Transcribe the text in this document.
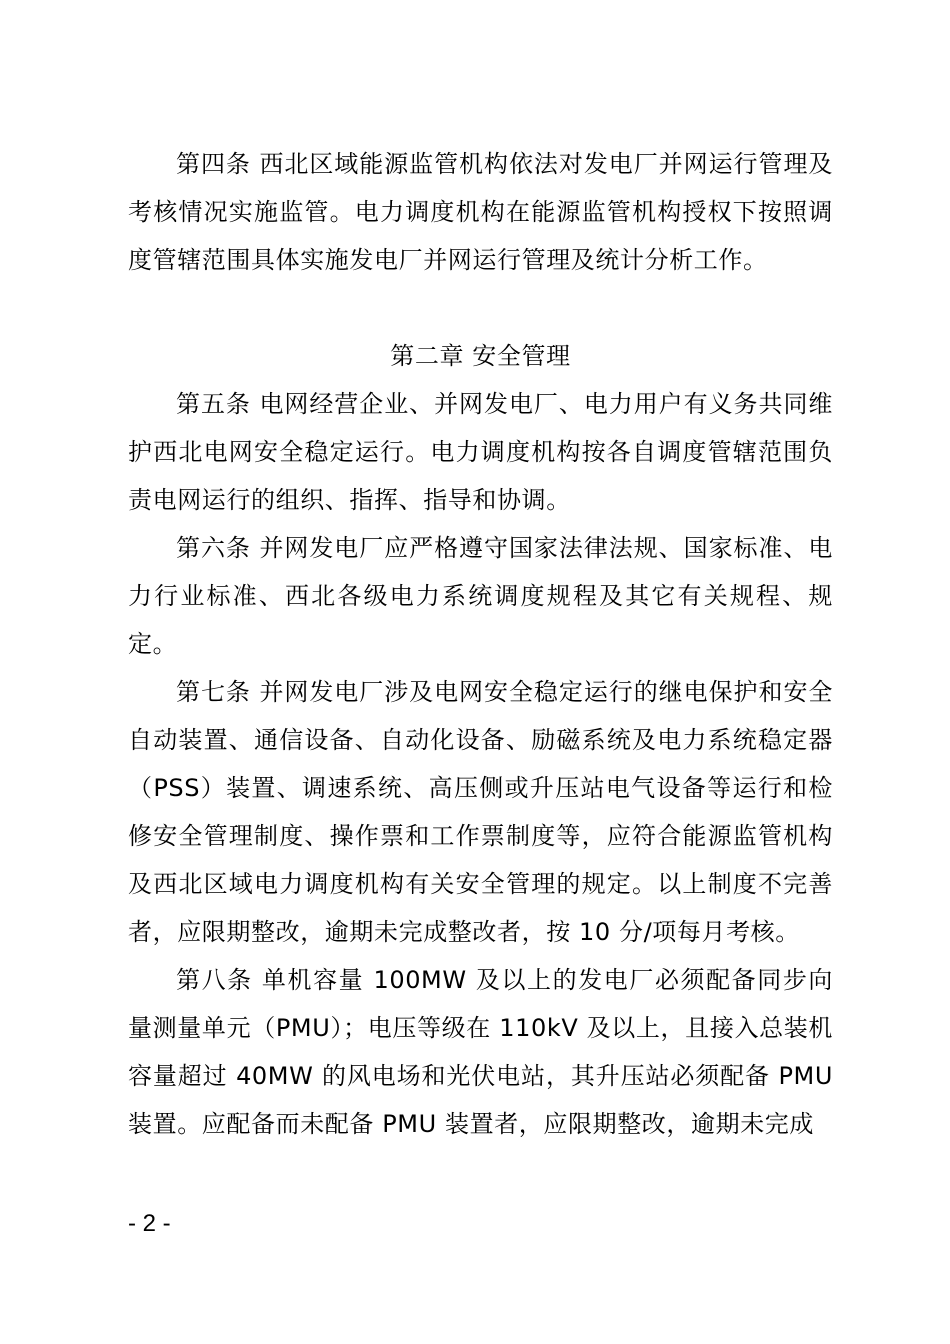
第四条 西北区域能源监管机构依法对发电厂并网运行管理及考核情况实施监管。电力调度机构在能源监管机构授权下按照调度管辖范围具体实施发电厂并网运行管理及统计分析工作。

第二章 安全管理

第五条 电网经营企业、并网发电厂、电力用户有义务共同维护西北电网安全稳定运行。电力调度机构按各自调度管辖范围负责电网运行的组织、指挥、指导和协调。

第六条 并网发电厂应严格遵守国家法律法规、国家标准、电力行业标准、西北各级电力系统调度规程及其它有关规程、规定。

第七条 并网发电厂涉及电网安全稳定运行的继电保护和安全自动装置、通信设备、自动化设备、励磁系统及电力系统稳定器（PSS）装置、调速系统、高压侧或升压站电气设备等运行和检修安全管理制度、操作票和工作票制度等，应符合能源监管机构及西北区域电力调度机构有关安全管理的规定。以上制度不完善者，应限期整改，逾期未完成整改者，按 10 分/项每月考核。

第八条 单机容量 100MW 及以上的发电厂必须配备同步向量测量单元（PMU）；电压等级在 110kV 及以上，且接入总装机容量超过 40MW 的风电场和光伏电站，其升压站必须配备 PMU 装置。应配备而未配备 PMU 装置者，应限期整改，逾期未完成

- 2 -
